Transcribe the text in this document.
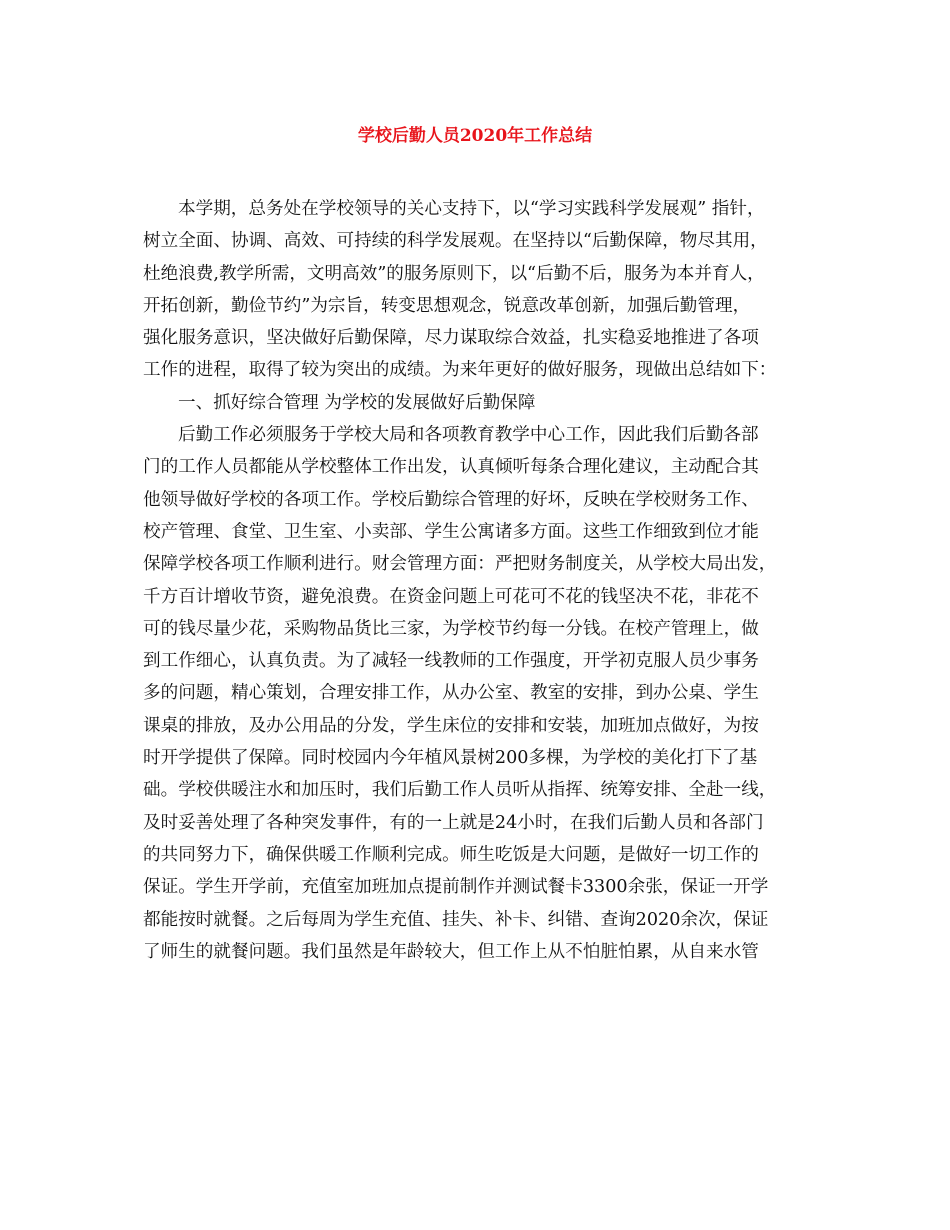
学校后勤人员2020年工作总结
本学期，总务处在学校领导的关心支持下，以“学习实践科学发展观” 指针，
树立全面、协调、高效、可持续的科学发展观。在坚持以“后勤保障，物尽其用，
杜绝浪费,教学所需，文明高效”的服务原则下，以“后勤不后，服务为本并育人，
开拓创新，勤俭节约”为宗旨，转变思想观念，锐意改革创新，加强后勤管理，
强化服务意识，坚决做好后勤保障，尽力谋取综合效益，扎实稳妥地推进了各项
工作的进程，取得了较为突出的成绩。为来年更好的做好服务，现做出总结如下：
一、抓好综合管理 为学校的发展做好后勤保障
后勤工作必须服务于学校大局和各项教育教学中心工作，因此我们后勤各部
门的工作人员都能从学校整体工作出发，认真倾听每条合理化建议，主动配合其
他领导做好学校的各项工作。学校后勤综合管理的好坏，反映在学校财务工作、
校产管理、食堂、卫生室、小卖部、学生公寓诸多方面。这些工作细致到位才能
保障学校各项工作顺利进行。财会管理方面：严把财务制度关，从学校大局出发，
千方百计增收节资，避免浪费。在资金问题上可花可不花的钱坚决不花，非花不
可的钱尽量少花，采购物品货比三家，为学校节约每一分钱。在校产管理上，做
到工作细心，认真负责。为了减轻一线教师的工作强度，开学初克服人员少事务
多的问题，精心策划，合理安排工作，从办公室、教室的安排，到办公桌、学生
课桌的排放，及办公用品的分发，学生床位的安排和安装，加班加点做好，为按
时开学提供了保障。同时校园内今年植风景树200多棵，为学校的美化打下了基
础。学校供暖注水和加压时，我们后勤工作人员听从指挥、统筹安排、全赴一线，
及时妥善处理了各种突发事件，有的一上就是24小时，在我们后勤人员和各部门
的共同努力下，确保供暖工作顺利完成。师生吃饭是大问题，是做好一切工作的
保证。学生开学前，充值室加班加点提前制作并测试餐卡3300余张，保证一开学
都能按时就餐。之后每周为学生充值、挂失、补卡、纠错、查询2020余次，保证
了师生的就餐问题。我们虽然是年龄较大，但工作上从不怕脏怕累，从自来水管
